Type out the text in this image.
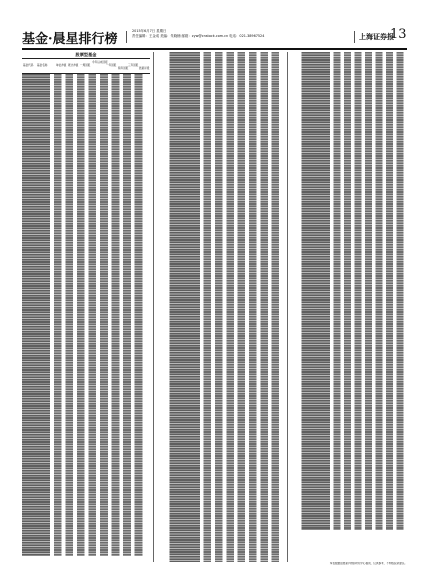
基金·晨星排行榜
2015年6月7日 星期日
责任编辑：王金成 美编：朱晓楠 邮箱：zyw@cnstock.com.cn 电话：021-38967524	上海证券报
13
股票型基金
基金代码 基金名称	单位净值 累计净值 一周回报
今年以来回报
一年回报
两年回报
三年回报
晨星评级
本表数据由晨星(中国)研究中心提供，仅供参考，不构成投资建议。
